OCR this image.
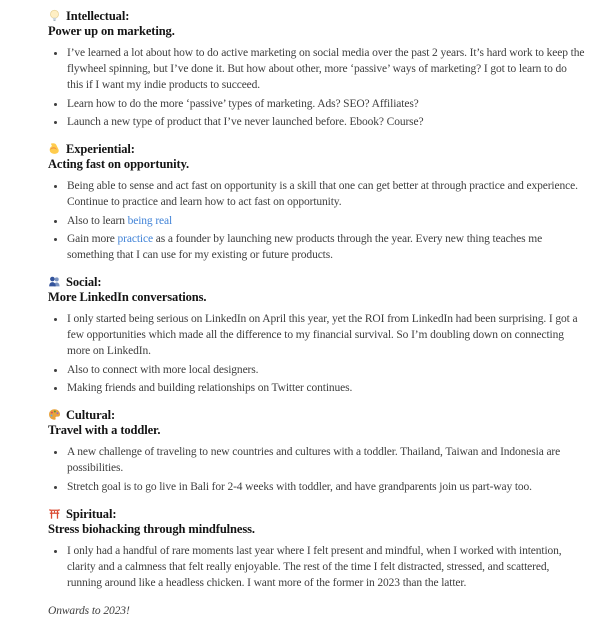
Intellectual:
Power up on marketing.
• I’ve learned a lot about how to do active marketing on social media over the past 2 years. It’s hard work to keep the flywheel spinning, but I’ve done it. But how about other, more ‘passive’ ways of marketing? I got to learn to do this if I want my indie products to succeed.
• Learn how to do the more ‘passive’ types of marketing. Ads? SEO? Affiliates?
• Launch a new type of product that I’ve never launched before. Ebook? Course?
Experiential:
Acting fast on opportunity.
• Being able to sense and act fast on opportunity is a skill that one can get better at through practice and experience. Continue to practice and learn how to act fast on opportunity.
• Also to learn being real
• Gain more practice as a founder by launching new products through the year. Every new thing teaches me something that I can use for my existing or future products.
Social:
More LinkedIn conversations.
• I only started being serious on LinkedIn on April this year, yet the ROI from LinkedIn had been surprising. I got a few opportunities which made all the difference to my financial survival. So I’m doubling down on connecting more on LinkedIn.
• Also to connect with more local designers.
• Making friends and building relationships on Twitter continues.
Cultural:
Travel with a toddler.
• A new challenge of traveling to new countries and cultures with a toddler. Thailand, Taiwan and Indonesia are possibilities.
• Stretch goal is to go live in Bali for 2-4 weeks with toddler, and have grandparents join us part-way too.
Spiritual:
Stress biohacking through mindfulness.
• I only had a handful of rare moments last year where I felt present and mindful, when I worked with intention, clarity and a calmness that felt really enjoyable. The rest of the time I felt distracted, stressed, and scattered, running around like a headless chicken. I want more of the former in 2023 than the latter.

Onwards to 2023!
